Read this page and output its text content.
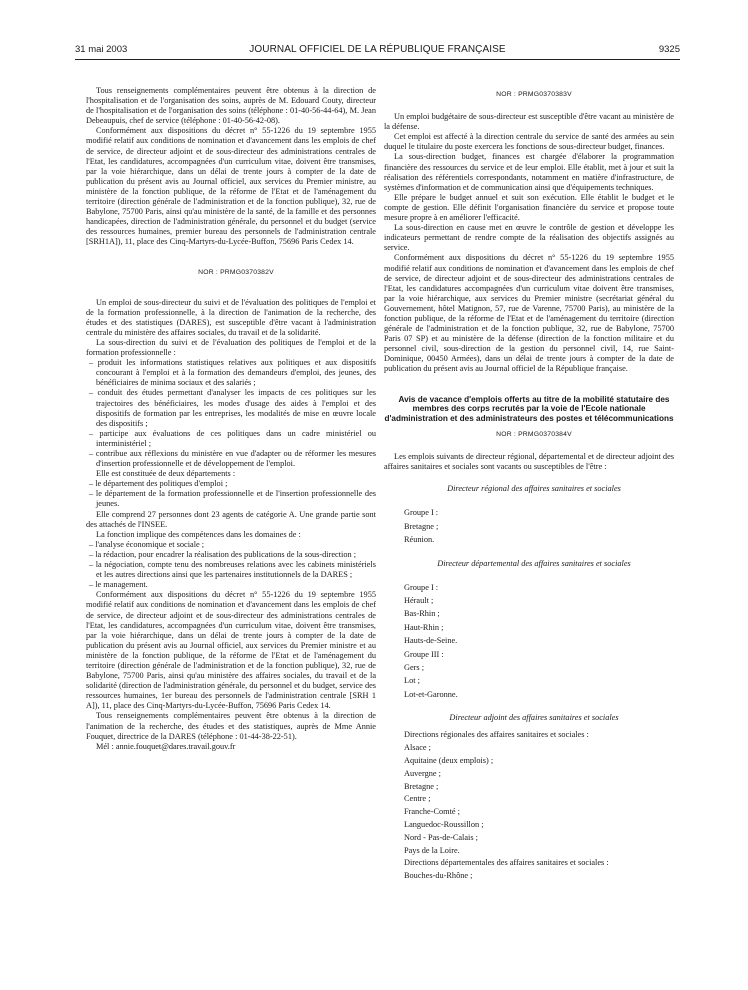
31 mai 2003	JOURNAL OFFICIEL DE LA RÉPUBLIQUE FRANÇAISE	9325

Tous renseignements complémentaires peuvent être obtenus à la direction de l'hospitalisation et de l'organisation des soins, auprès de M. Edouard Couty, directeur de l'hospitalisation et de l'organisation des soins (téléphone : 01-40-56-44-64), M. Jean Debeaupuis, chef de service (téléphone : 01-40-56-42-08).

Conformément aux dispositions du décret n° 55-1226 du 19 septembre 1955 modifié relatif aux conditions de nomination et d'avancement dans les emplois de chef de service, de directeur adjoint et de sous-directeur des administrations centrales de l'Etat, les candidatures, accompagnées d'un curriculum vitae, doivent être transmises, par la voie hiérarchique, dans un délai de trente jours à compter de la date de publication du présent avis au Journal officiel, aux services du Premier ministre, au ministère de la fonction publique, de la réforme de l'Etat et de l'aménagement du territoire (direction générale de l'administration et de la fonction publique), 32, rue de Babylone, 75700 Paris, ainsi qu'au ministère de la santé, de la famille et des personnes handicapées, direction de l'administration générale, du personnel et du budget (service des ressources humaines, premier bureau des personnels de l'administration centrale [SRH1A]), 11, place des Cinq-Martyrs-du-Lycée-Buffon, 75696 Paris Cedex 14.

NOR : PRMG0370382V

Un emploi de sous-directeur du suivi et de l'évaluation des politiques de l'emploi et de la formation professionnelle, à la direction de l'animation de la recherche, des études et des statistiques (DARES), est susceptible d'être vacant à l'administration centrale du ministère des affaires sociales, du travail et de la solidarité.

La sous-direction du suivi et de l'évaluation des politiques de l'emploi et de la formation professionnelle :

– produit les informations statistiques relatives aux politiques et aux dispositifs concourant à l'emploi et à la formation des demandeurs d'emploi, des jeunes, des bénéficiaires de minima sociaux et des salariés ;
– conduit des études permettant d'analyser les impacts de ces politiques sur les trajectoires des bénéficiaires, les modes d'usage des aides à l'emploi et des dispositifs de formation par les entreprises, les modalités de mise en œuvre locale des dispositifs ;
– participe aux évaluations de ces politiques dans un cadre ministériel ou interministériel ;
– contribue aux réflexions du ministère en vue d'adapter ou de réformer les mesures d'insertion professionnelle et de développement de l'emploi.

Elle est constituée de deux départements :

– le département des politiques d'emploi ;
– le département de la formation professionnelle et de l'insertion professionnelle des jeunes.

Elle comprend 27 personnes dont 23 agents de catégorie A. Une grande partie sont des attachés de l'INSEE.

La fonction implique des compétences dans les domaines de :

– l'analyse économique et sociale ;
– la rédaction, pour encadrer la réalisation des publications de la sous-direction ;
– la négociation, compte tenu des nombreuses relations avec les cabinets ministériels et les autres directions ainsi que les partenaires institutionnels de la DARES ;
– le management.

Conformément aux dispositions du décret n° 55-1226 du 19 septembre 1955 modifié relatif aux conditions de nomination et d'avancement dans les emplois de chef de service, de directeur adjoint et de sous-directeur des administrations centrales de l'Etat, les candidatures, accompagnées d'un curriculum vitae, doivent être transmises, par la voie hiérarchique, dans un délai de trente jours à compter de la date de publication du présent avis au Journal officiel, aux services du Premier ministre et au ministère de la fonction publique, de la réforme de l'Etat et de l'aménagement du territoire (direction générale de l'administration et de la fonction publique), 32, rue de Babylone, 75700 Paris, ainsi qu'au ministère des affaires sociales, du travail et de la solidarité (direction de l'administration générale, du personnel et du budget, service des ressources humaines, 1er bureau des personnels de l'administration centrale [SRH 1 A]), 11, place des Cinq-Martyrs-du-Lycée-Buffon, 75696 Paris Cedex 14.

Tous renseignements complémentaires peuvent être obtenus à la direction de l'animation de la recherche, des études et des statistiques, auprès de Mme Annie Fouquet, directrice de la DARES (téléphone : 01-44-38-22-51).

Mél : annie.fouquet@dares.travail.gouv.fr

NOR : PRMG0370383V

Un emploi budgétaire de sous-directeur est susceptible d'être vacant au ministère de la défense.

Cet emploi est affecté à la direction centrale du service de santé des armées au sein duquel le titulaire du poste exercera les fonctions de sous-directeur budget, finances.

La sous-direction budget, finances est chargée d'élaborer la programmation financière des ressources du service et de leur emploi. Elle établit, met à jour et suit la réalisation des référentiels correspondants, notamment en matière d'infrastructure, de systèmes d'information et de communication ainsi que d'équipements techniques.

Elle prépare le budget annuel et suit son exécution. Elle établit le budget et le compte de gestion. Elle définit l'organisation financière du service et propose toute mesure propre à en améliorer l'efficacité.

La sous-direction en cause met en œuvre le contrôle de gestion et développe les indicateurs permettant de rendre compte de la réalisation des objectifs assignés au service.

Conformément aux dispositions du décret n° 55-1226 du 19 septembre 1955 modifié relatif aux conditions de nomination et d'avancement dans les emplois de chef de service, de directeur adjoint et de sous-directeur des administrations centrales de l'Etat, les candidatures accompagnées d'un curriculum vitae doivent être transmises, par la voie hiérarchique, aux services du Premier ministre (secrétariat général du Gouvernement, hôtel Matignon, 57, rue de Varenne, 75700 Paris), au ministère de la fonction publique, de la réforme de l'Etat et de l'aménagement du territoire (direction générale de l'administration et de la fonction publique, 32, rue de Babylone, 75700 Paris 07 SP) et au ministère de la défense (direction de la fonction militaire et du personnel civil, sous-direction de la gestion du personnel civil, 14, rue Saint-Dominique, 00450 Armées), dans un délai de trente jours à compter de la date de publication du présent avis au Journal officiel de la République française.

Avis de vacance d'emplois offerts au titre de la mobilité statutaire des membres des corps recrutés par la voie de l'Ecole nationale d'administration et des administrateurs des postes et télécommunications

NOR : PRMG0370384V

Les emplois suivants de directeur régional, départemental et de directeur adjoint des affaires sanitaires et sociales sont vacants ou susceptibles de l'être :

Directeur régional des affaires sanitaires et sociales

Groupe I :

Bretagne ;

Réunion.

Directeur départemental des affaires sanitaires et sociales

Groupe I :

Hérault ;

Bas-Rhin ;

Haut-Rhin ;

Hauts-de-Seine.

Groupe III :

Gers ;

Lot ;

Lot-et-Garonne.

Directeur adjoint des affaires sanitaires et sociales

Directions régionales des affaires sanitaires et sociales :

Alsace ;

Aquitaine (deux emplois) ;

Auvergne ;

Bretagne ;

Centre ;

Franche-Comté ;

Languedoc-Roussillon ;

Nord - Pas-de-Calais ;

Pays de la Loire.

Directions départementales des affaires sanitaires et sociales :

Bouches-du-Rhône ;
